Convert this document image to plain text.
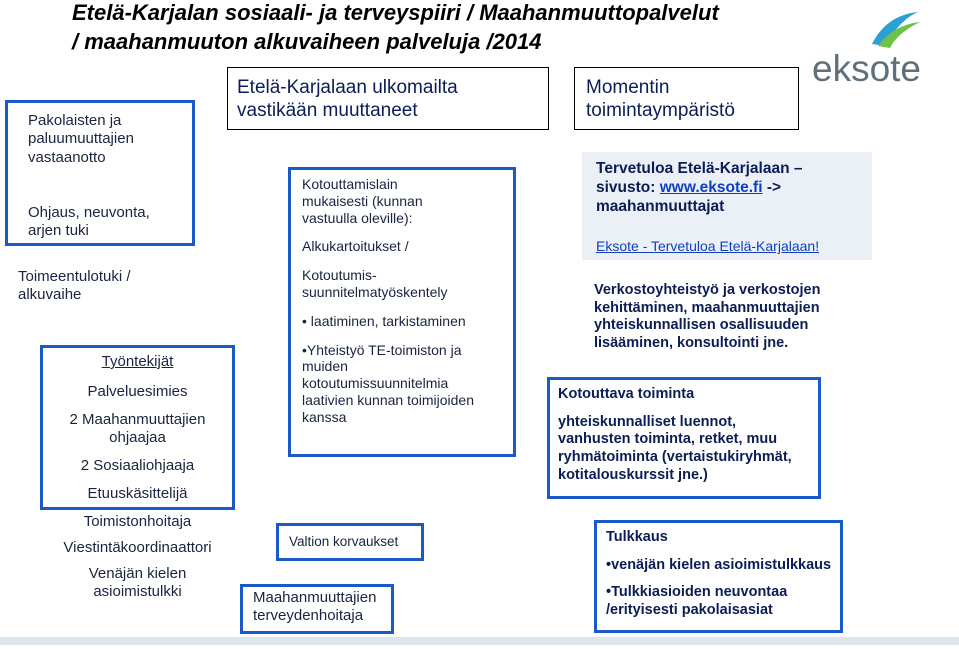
Etelä-Karjalan sosiaali- ja terveyspiiri / Maahanmuuttopalvelut
/ maahanmuuton alkuvaiheen palveluja /2014
eksote
Pakolaisten ja
paluumuuttajien
vastaanotto
Ohjaus, neuvonta,
arjen tuki
Toimeentulotuki /
alkuvaihe
Työntekijät
Palveluesimies
2 Maahanmuuttajien
ohjaajaa
2 Sosiaaliohjaaja
Etuuskäsittelijä
Toimistonhoitaja
Viestintäkoordinaattori
Venäjän kielen
asioimistulkki
Etelä-Karjalaan ulkomailta
vastikään muuttaneet
Kotouttamislain
mukaisesti (kunnan
vastuulla oleville):
Alkukartoitukset /
Kotoutumis-
suunnitelmatyöskentely
• laatiminen, tarkistaminen
•Yhteistyö TE-toimiston ja
muiden
kotoutumissuunnitelmia
laativien kunnan toimijoiden
kanssa
Valtion korvaukset
Maahanmuuttajien
terveydenhoitaja
Momentin
toimintaympäristö
Tervetuloa Etelä-Karjalaan –
sivusto: www.eksote.fi ->
maahanmuuttajat
Eksote - Tervetuloa Etelä-Karjalaan!
Verkostoyhteistyö ja verkostojen
kehittäminen, maahanmuuttajien
yhteiskunnallisen osallisuuden
lisääminen, konsultointi jne.
Kotouttava toiminta
yhteiskunnalliset luennot,
vanhusten toiminta, retket, muu
ryhmätoiminta (vertaistukiryhmät,
kotitalouskurssit jne.)
Tulkkaus
•venäjän kielen asioimistulkkaus
•Tulkkiasioiden neuvontaa
/erityisesti pakolaisasiat
